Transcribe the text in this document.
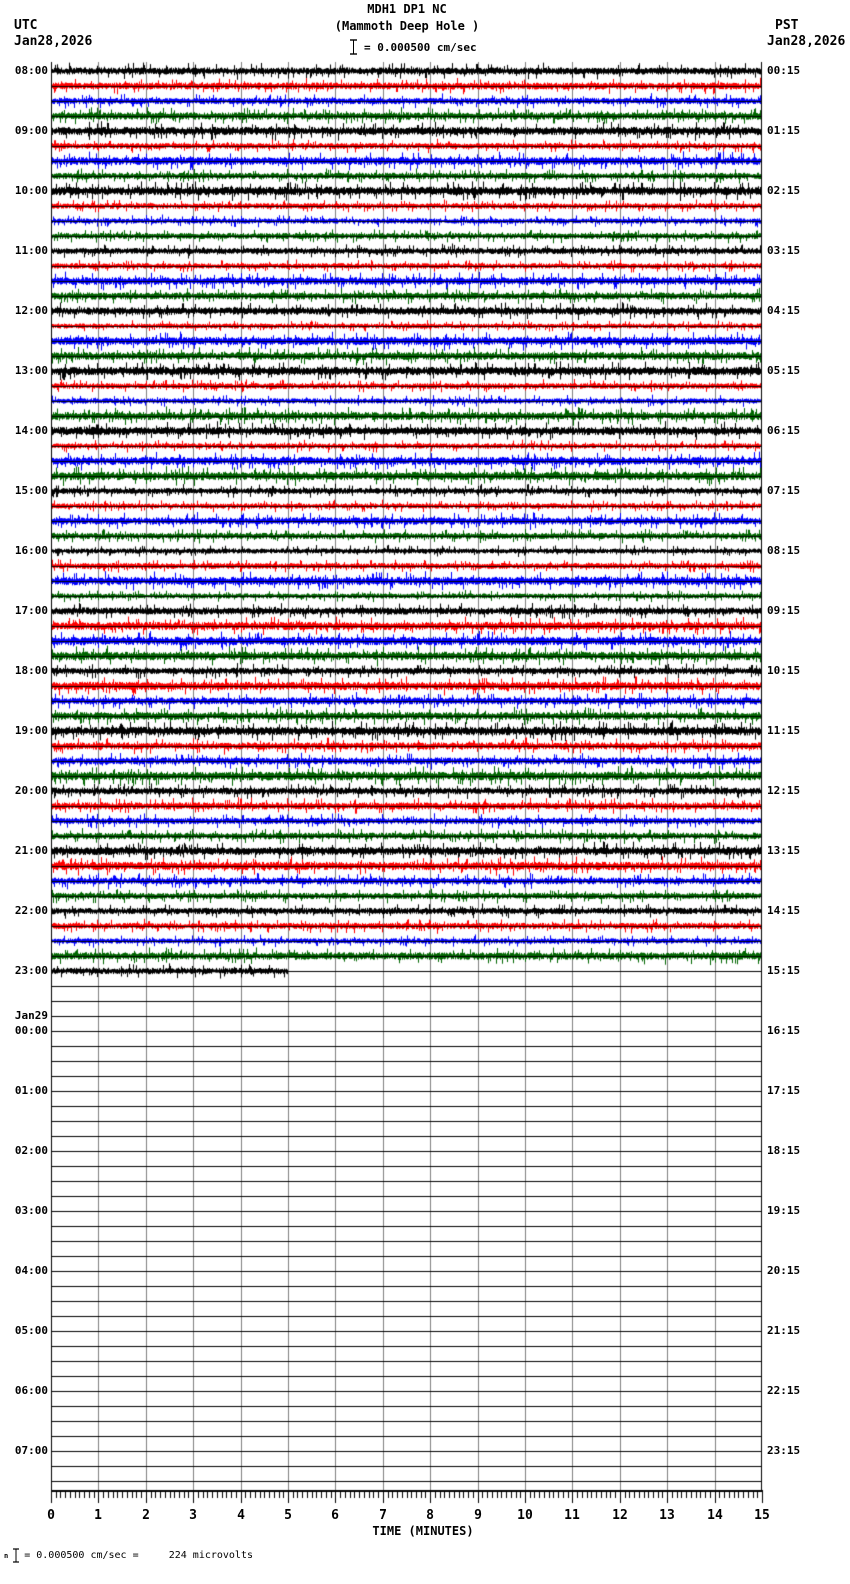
UTC
Jan28,2026
PST
Jan28,2026
MDH1 DP1 NC
(Mammoth Deep Hole )
= 0.000500 cm/sec
08:00	00:15
09:00	01:15
10:00	02:15
11:00	03:15
12:00	04:15
13:00	05:15
14:00	06:15
15:00	07:15
16:00	08:15
17:00	09:15
18:00	10:15
19:00	11:15
20:00	12:15
21:00	13:15
22:00	14:15
23:00	15:15
Jan29
00:00	16:15
01:00	17:15
02:00	18:15
03:00	19:15
04:00	20:15
05:00	21:15
06:00	22:15
07:00	23:15
0	1	2	3	4	5	6	7	8	9	10	11	12	13	14	15
TIME (MINUTES)
n = 0.000500 cm/sec =     224 microvolts
